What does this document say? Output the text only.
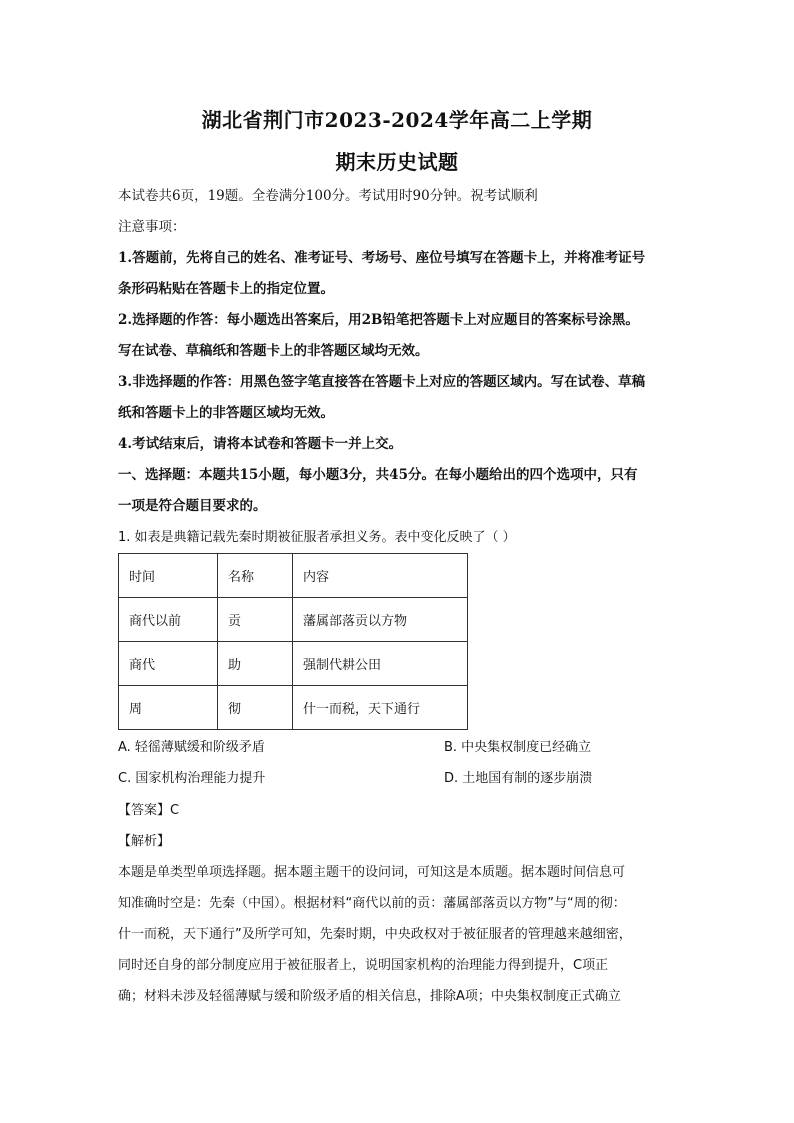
湖北省荆门市2023-2024学年高二上学期
期末历史试题
本试卷共6页，19题。全卷满分100分。考试用时90分钟。祝考试顺利
注意事项：
1.答题前，先将自己的姓名、准考证号、考场号、座位号填写在答题卡上，并将准考证号
条形码粘贴在答题卡上的指定位置。
2.选择题的作答：每小题选出答案后，用2B铅笔把答题卡上对应题目的答案标号涂黑。
写在试卷、草稿纸和答题卡上的非答题区域均无效。
3.非选择题的作答：用黑色签字笔直接答在答题卡上对应的答题区域内。写在试卷、草稿
纸和答题卡上的非答题区域均无效。
4.考试结束后，请将本试卷和答题卡一并上交。
一、选择题：本题共15小题，每小题3分，共45分。在每小题给出的四个选项中，只有
一项是符合题目要求的。
1. 如表是典籍记载先秦时期被征服者承担义务。表中变化反映了（ ）
时间	名称	内容
商代以前	贡	藩属部落贡以方物
商代	助	强制代耕公田
周	彻	什一而税，天下通行
A. 轻徭薄赋缓和阶级矛盾	B. 中央集权制度已经确立
C. 国家机构治理能力提升	D. 土地国有制的逐步崩溃
【答案】C
【解析】
本题是单类型单项选择题。据本题主题干的设问词，可知这是本质题。据本题时间信息可
知准确时空是：先秦（中国）。根据材料“商代以前的贡：藩属部落贡以方物”与“周的彻：
什一而税，天下通行”及所学可知，先秦时期，中央政权对于被征服者的管理越来越细密，
同时还自身的部分制度应用于被征服者上，说明国家机构的治理能力得到提升，C项正
确；材料未涉及轻徭薄赋与缓和阶级矛盾的相关信息，排除A项；中央集权制度正式确立
